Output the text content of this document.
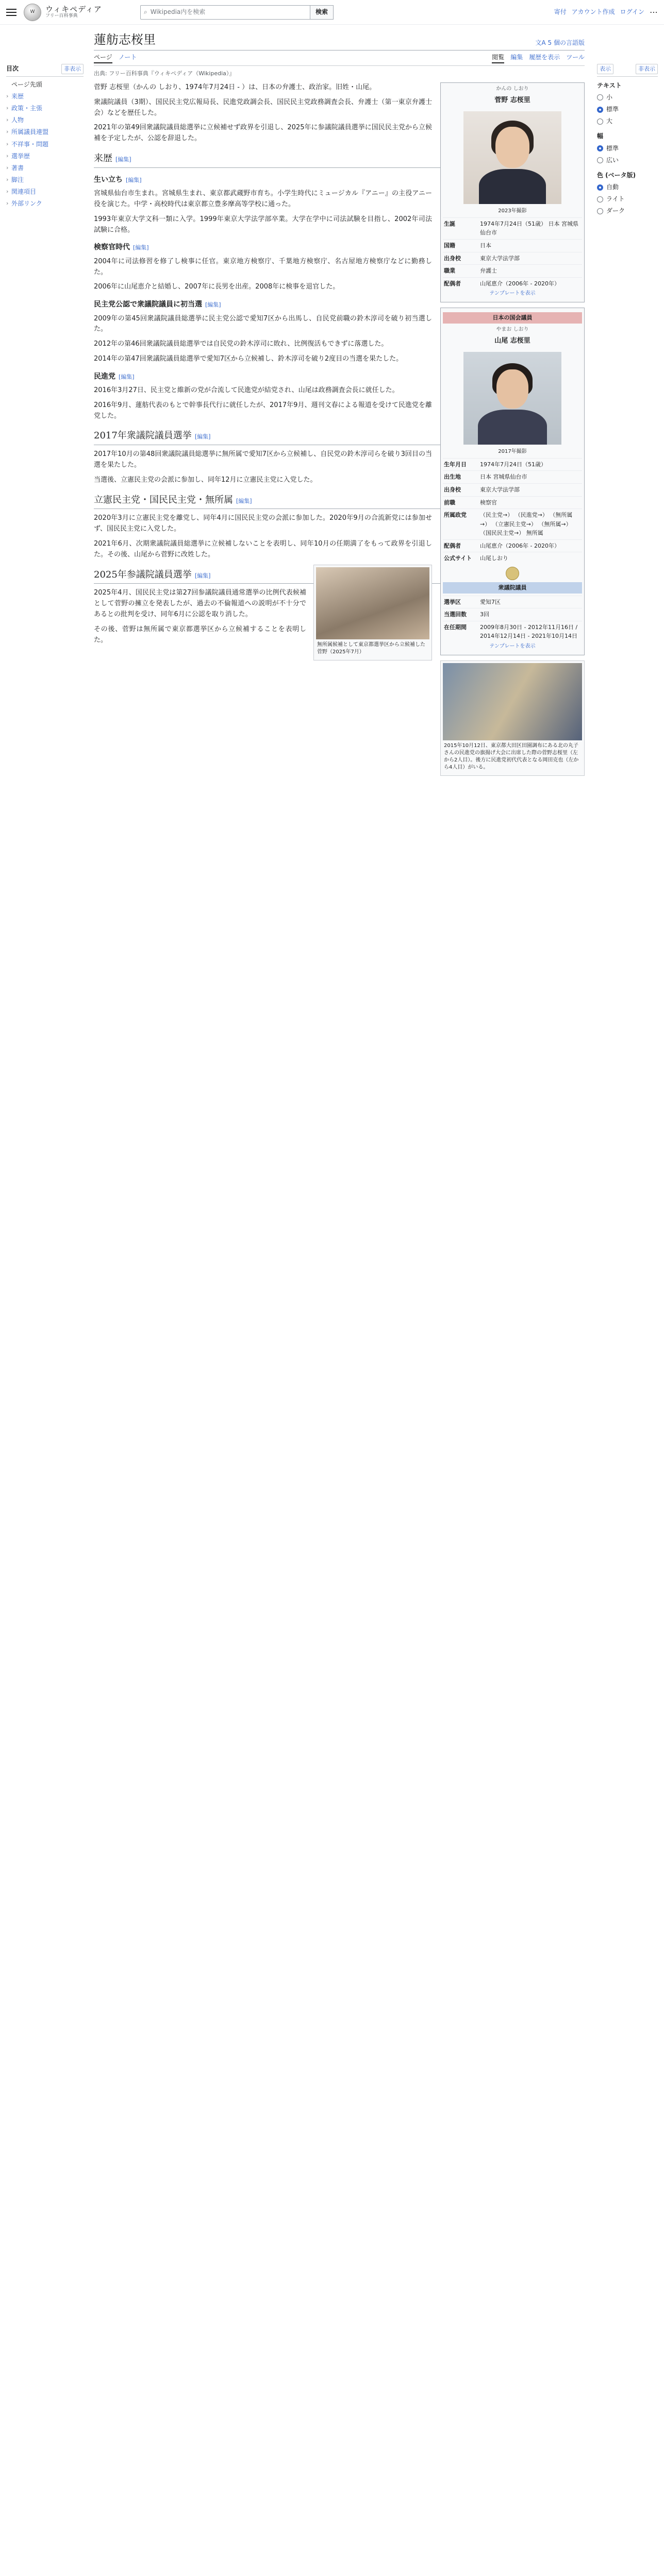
W	ウィキペディア
フリー百科事典
⌕ Wikipedia内を検索	検索	寄付 アカウント作成 ログイン ⋯
目次	非表示
ページ先頭
› 来歴
› 政策・主張
› 人物
› 所属議員連盟
› 不祥事・問題
› 選挙歴
› 著書
› 脚注
› 関連項目
› 外部リンク
蓮舫志桜里	文A 5 個の言語版
ページ ノート	閲覧 編集 履歴を表示 ツール
出典: フリー百科事典『ウィキペディア（Wikipedia）』
かんの しおり
菅野 志桜里
2023年撮影
生誕	1974年7月24日（51歳） 日本 宮城県仙台市
国籍	日本
出身校	東京大学法学部
職業	弁護士
配偶者	山尾恵介（2006年 - 2020年）
テンプレートを表示
日本の国会議員
やまお しおり
山尾 志桜里
2017年撮影
生年月日	1974年7月24日（51歳）
出生地	日本 宮城県仙台市
出身校	東京大学法学部
前職	検察官
所属政党	（民主党→） （民進党→） （無所属→） （立憲民主党→） （無所属→） （国民民主党→） 無所属
配偶者	山尾恵介（2006年 - 2020年）
公式サイト	山尾しおり
衆議院議員
選挙区	愛知7区
当選回数	3回
在任期間	2009年8月30日 - 2012年11月16日 / 2014年12月14日 - 2021年10月14日
テンプレートを表示
2015年10月12日、東京都大田区田園調布にある北の丸子さんの民進党の旗揚げ大会に出席した際の菅野志桜里（左から2人目）。後方に民進党初代代表となる岡田克也（左から4人目）がいる。

菅野 志桜里（かんの しおり、1974年7月24日 - ）は、日本の弁護士、政治家。旧姓・山尾。

衆議院議員（3期）、国民民主党広報局長、民進党政調会長、国民民主党政務調査会長、弁護士（第一東京弁護士会）などを歴任した。

2021年の第49回衆議院議員総選挙に立候補せず政界を引退し、2025年に参議院議員選挙に国民民主党から立候補を予定したが、公認を辞退した。

来歴 [編集]
生い立ち [編集]

宮城県仙台市生まれ。宮城県生まれ、東京都武蔵野市育ち。小学生時代にミュージカル『アニー』の主役アニー役を演じた。中学・高校時代は東京都立豊多摩高等学校に通った。

1993年東京大学文科一類に入学。1999年東京大学法学部卒業。大学在学中に司法試験を目指し、2002年司法試験に合格。

検察官時代 [編集]

2004年に司法修習を修了し検事に任官。東京地方検察庁、千葉地方検察庁、名古屋地方検察庁などに勤務した。

2006年に山尾恵介と結婚し、2007年に長男を出産。2008年に検事を退官した。

民主党公認で衆議院議員に初当選 [編集]

2009年の第45回衆議院議員総選挙に民主党公認で愛知7区から出馬し、自民党前職の鈴木淳司を破り初当選した。

2012年の第46回衆議院議員総選挙では自民党の鈴木淳司に敗れ、比例復活もできずに落選した。

2014年の第47回衆議院議員総選挙で愛知7区から立候補し、鈴木淳司を破り2度目の当選を果たした。

民進党 [編集]

2016年3月27日、民主党と維新の党が合流して民進党が結党され、山尾は政務調査会長に就任した。

2016年9月、蓮舫代表のもとで幹事長代行に就任したが、2017年9月、週刊文春による報道を受けて民進党を離党した。

2017年衆議院議員選挙 [編集]

2017年10月の第48回衆議院議員総選挙に無所属で愛知7区から立候補し、自民党の鈴木淳司らを破り3回目の当選を果たした。

当選後、立憲民主党の会派に参加し、同年12月に立憲民主党に入党した。

立憲民主党・国民民主党・無所属 [編集]

2020年3月に立憲民主党を離党し、同年4月に国民民主党の会派に参加した。2020年9月の合流新党には参加せず、国民民主党に入党した。

2021年6月、次期衆議院議員総選挙に立候補しないことを表明し、同年10月の任期満了をもって政界を引退した。その後、山尾から菅野に改姓した。

無所属候補として東京都選挙区から立候補した菅野（2025年7月）
2025年参議院議員選挙 [編集]

2025年4月、国民民主党は第27回参議院議員通常選挙の比例代表候補として菅野の擁立を発表したが、過去の不倫報道への説明が不十分であるとの批判を受け、同年6月に公認を取り消した。

その後、菅野は無所属で東京都選挙区から立候補することを表明した。

表示	非表示
テキスト
小
標準
大
幅
標準
広い
色 (ベータ版)
自動
ライト
ダーク
